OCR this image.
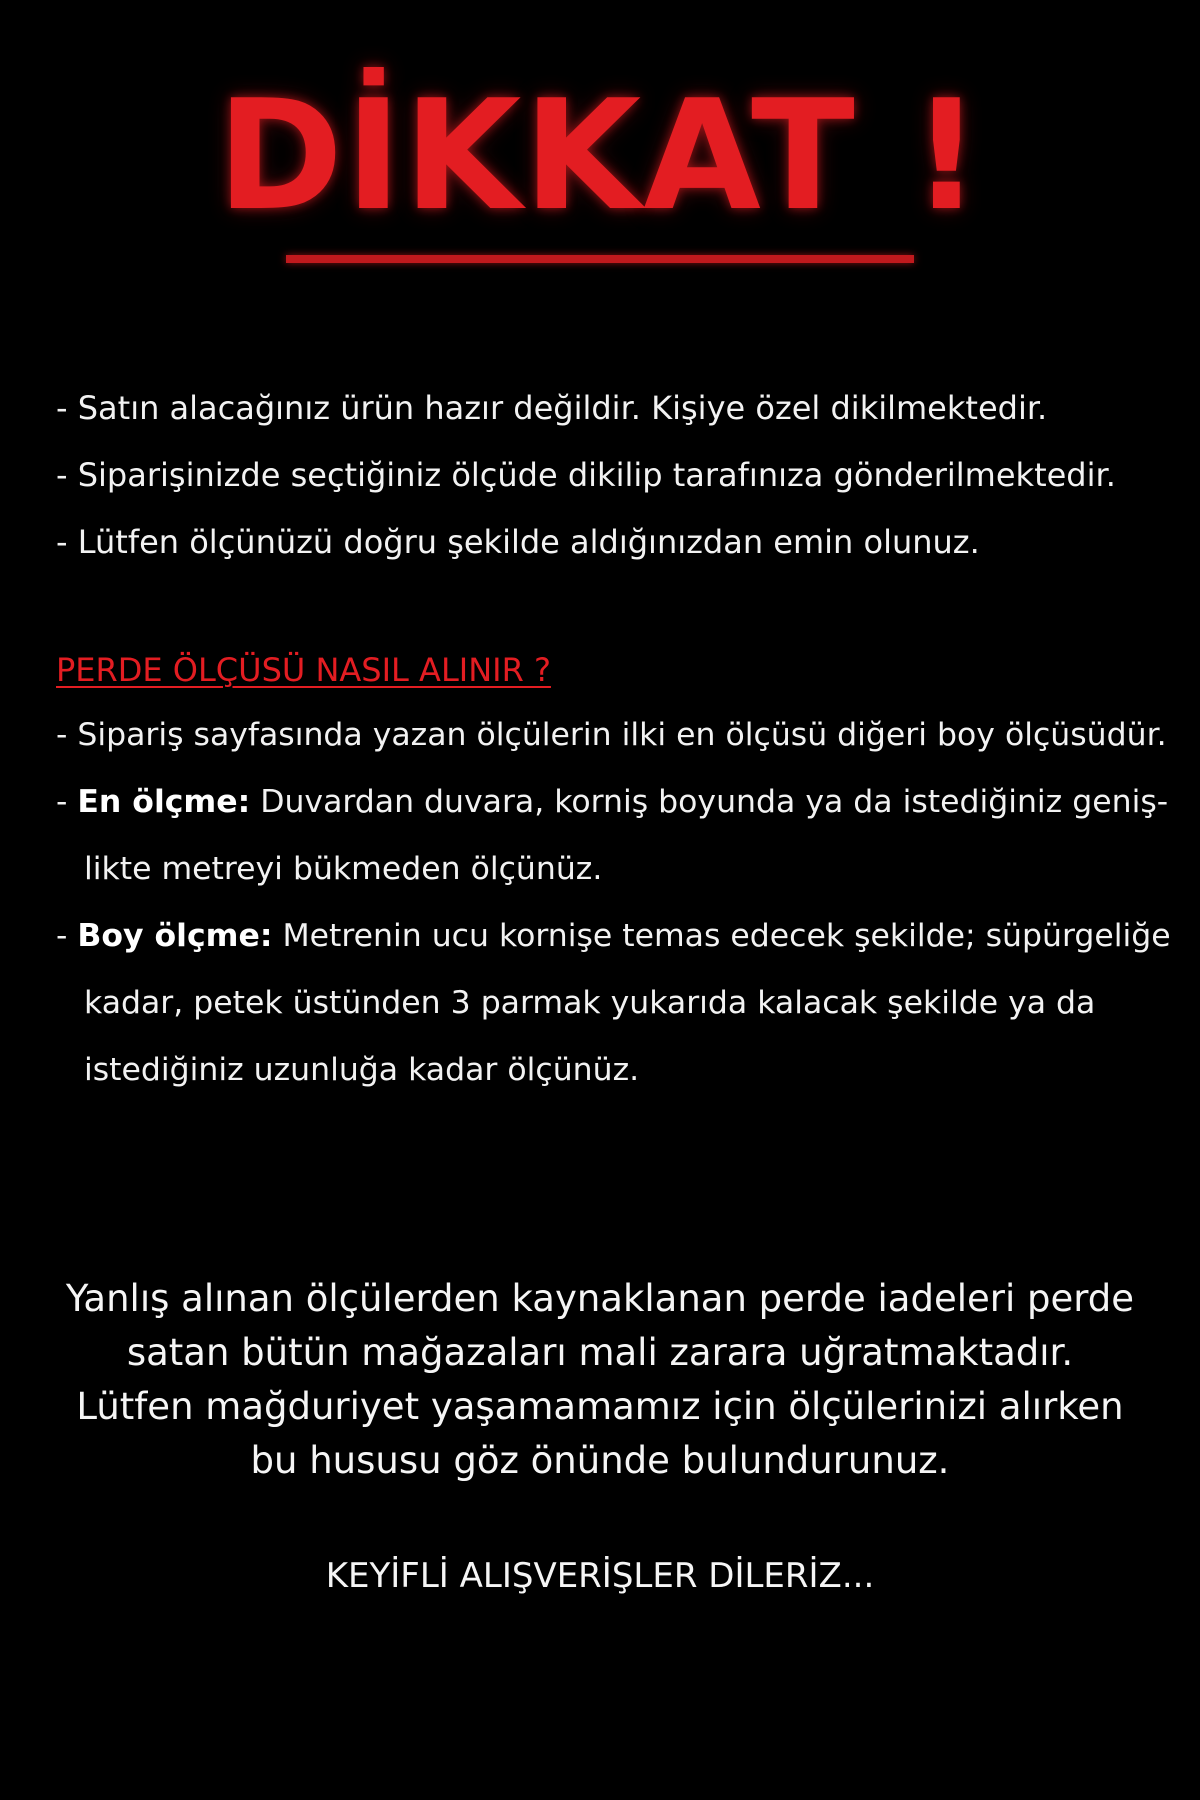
DİKKAT !
- Satın alacağınız ürün hazır değildir. Kişiye özel dikilmektedir.
- Siparişinizde seçtiğiniz ölçüde dikilip tarafınıza gönderilmektedir.
- Lütfen ölçünüzü doğru şekilde aldığınızdan emin olunuz.
PERDE ÖLÇÜSÜ NASIL ALINIR ?
- Sipariş sayfasında yazan ölçülerin ilki en ölçüsü diğeri boy ölçüsüdür.
- En ölçme: Duvardan duvara, korniş boyunda ya da istediğiniz geniş-
likte metreyi bükmeden ölçünüz.
- Boy ölçme: Metrenin ucu kornişe temas edecek şekilde; süpürgeliğe
kadar, petek üstünden 3 parmak yukarıda kalacak şekilde ya da
istediğiniz uzunluğa kadar ölçünüz.
Yanlış alınan ölçülerden kaynaklanan perde iadeleri perde
satan bütün mağazaları mali zarara uğratmaktadır.
Lütfen mağduriyet yaşamamamız için ölçülerinizi alırken
bu hususu göz önünde bulundurunuz.
KEYİFLİ ALIŞVERİŞLER DİLERİZ...
